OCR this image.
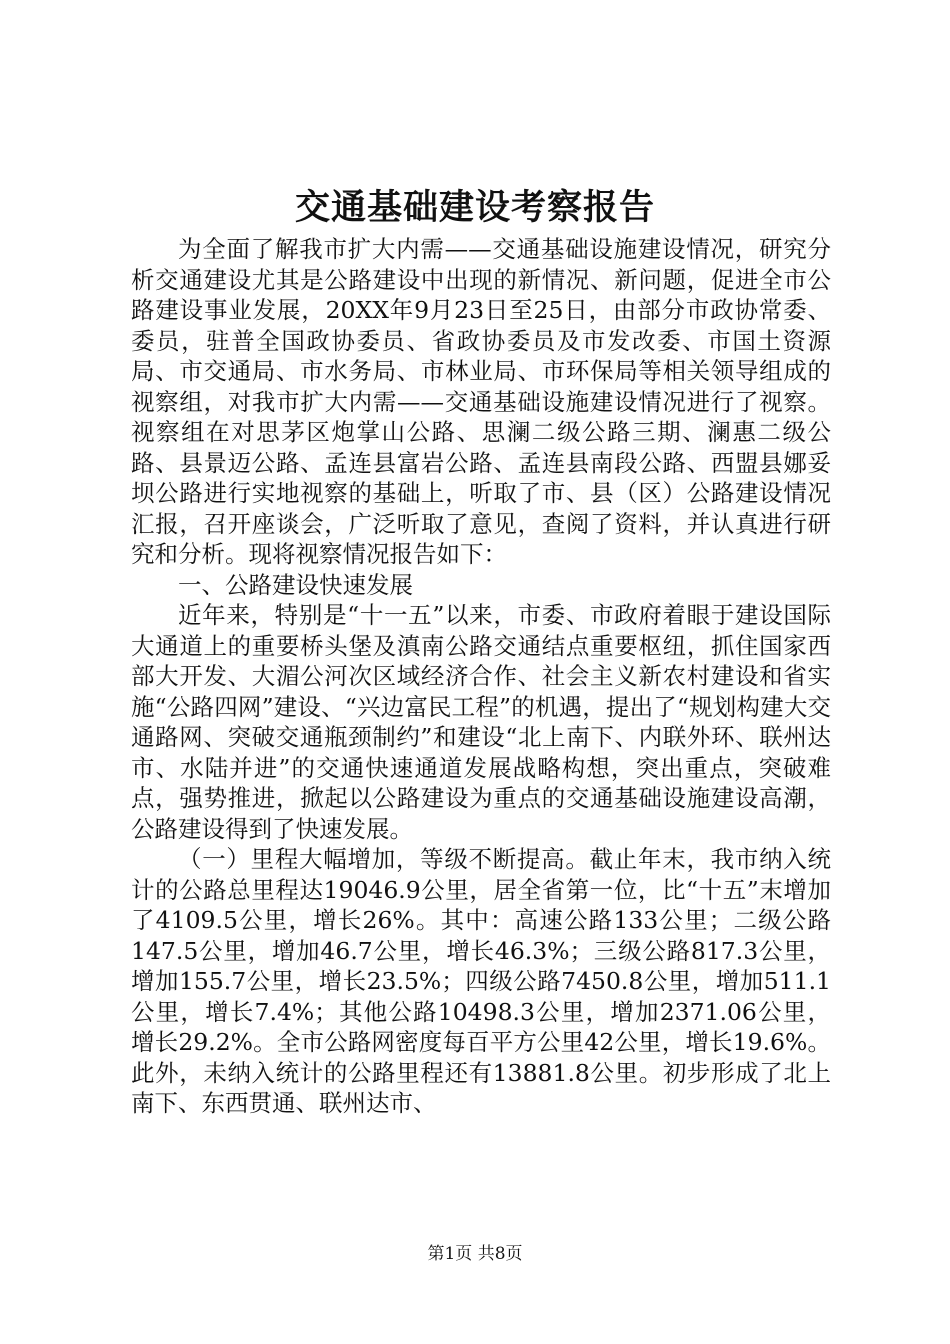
交通基础建设考察报告

为全面了解我市扩大内需——交通基础设施建设情况，研究分析交通建设尤其是公路建设中出现的新情况、新问题，促进全市公路建设事业发展，20XX年9月23日至25日，由部分市政协常委、委员，驻普全国政协委员、省政协委员及市发改委、市国土资源局、市交通局、市水务局、市林业局、市环保局等相关领导组成的视察组，对我市扩大内需——交通基础设施建设情况进行了视察。视察组在对思茅区炮掌山公路、思澜二级公路三期、澜惠二级公路、县景迈公路、孟连县富岩公路、孟连县南段公路、西盟县娜妥坝公路进行实地视察的基础上，听取了市、县（区）公路建设情况汇报，召开座谈会，广泛听取了意见，查阅了资料，并认真进行研究和分析。现将视察情况报告如下：

一、公路建设快速发展

近年来，特别是“十一五”以来，市委、市政府着眼于建设国际大通道上的重要桥头堡及滇南公路交通结点重要枢纽，抓住国家西部大开发、大湄公河次区域经济合作、社会主义新农村建设和省实施“公路四网”建设、“兴边富民工程”的机遇，提出了“规划构建大交通路网、突破交通瓶颈制约”和建设“北上南下、内联外环、联州达市、水陆并进”的交通快速通道发展战略构想，突出重点，突破难点，强势推进，掀起以公路建设为重点的交通基础设施建设高潮，公路建设得到了快速发展。

（一）里程大幅增加，等级不断提高。截止年末，我市纳入统计的公路总里程达19046.9公里，居全省第一位，比“十五”末增加了4109.5公里，增长26%。其中：高速公路133公里；二级公路147.5公里，增加46.7公里，增长46.3%；三级公路817.3公里，增加155.7公里，增长23.5%；四级公路7450.8公里，增加511.1公里，增长7.4%；其他公路10498.3公里，增加2371.06公里，增长29.2%。全市公路网密度每百平方公里42公里，增长19.6%。此外，未纳入统计的公路里程还有13881.8公里。初步形成了北上南下、东西贯通、联州达市、

第1页 共8页
